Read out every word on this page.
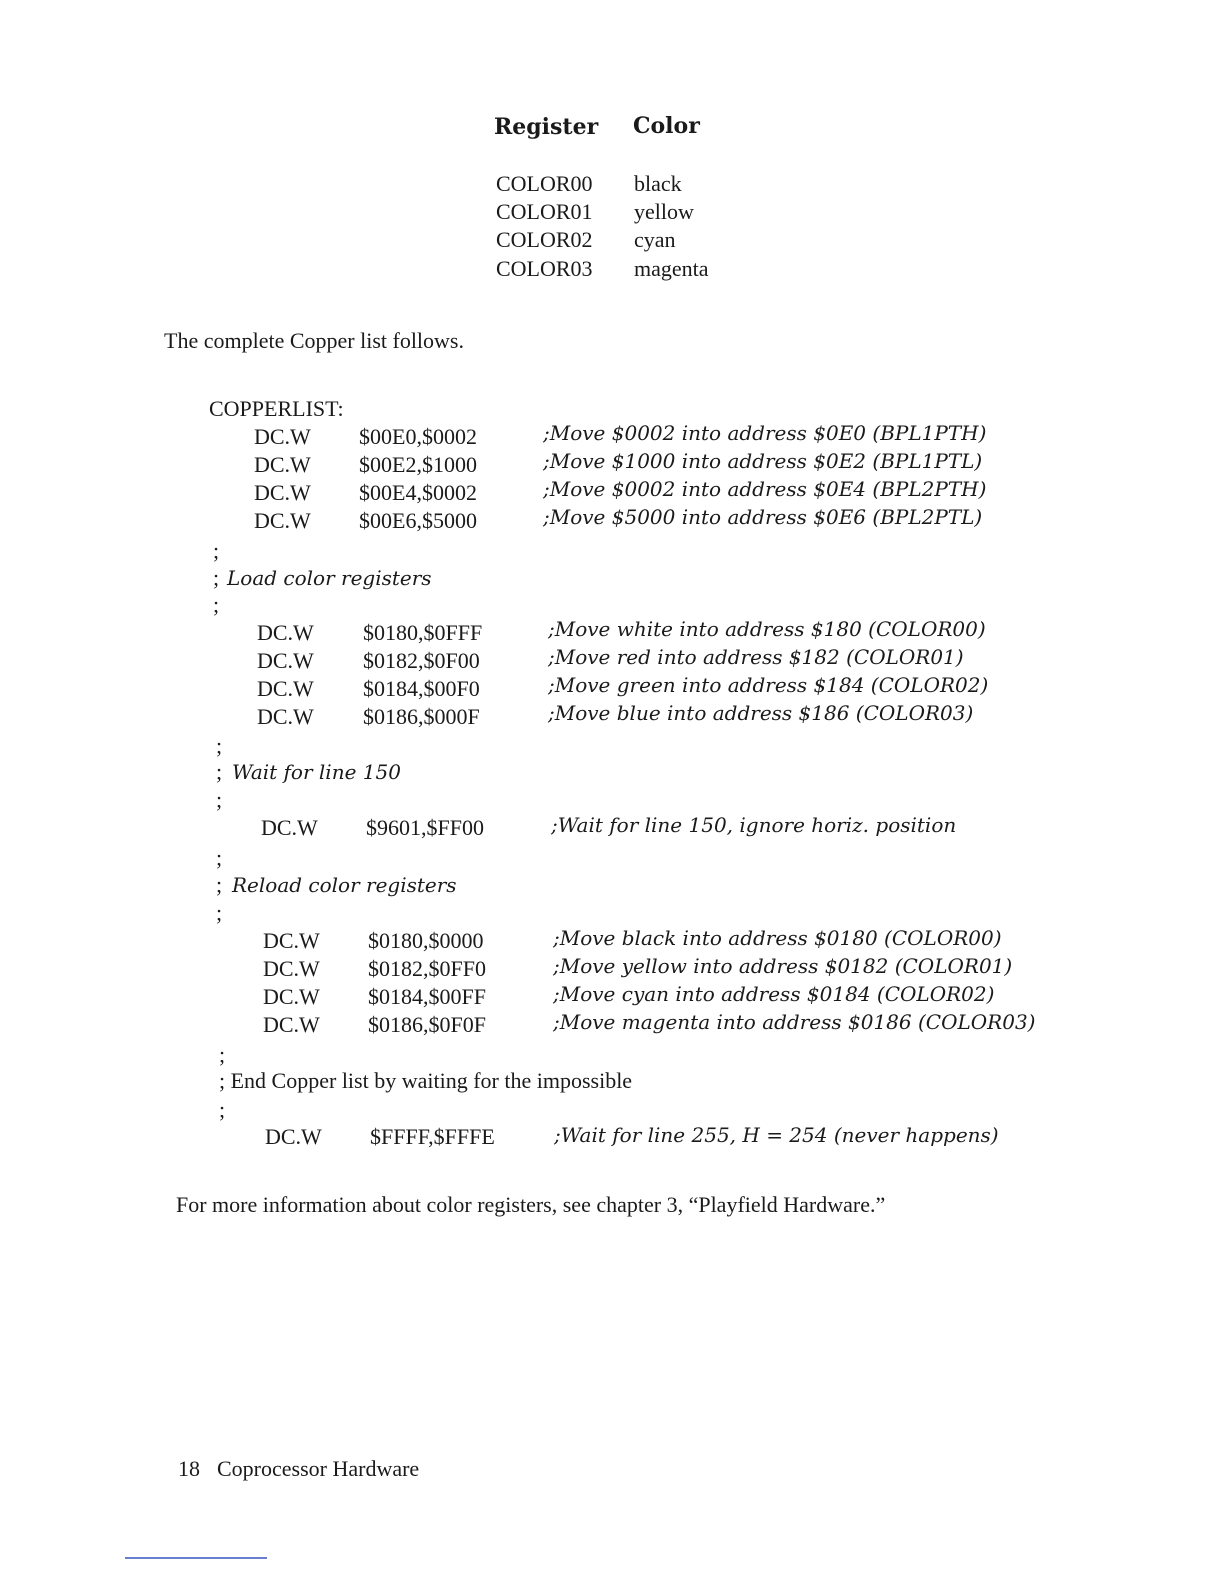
Register Color
COLOR00 black
COLOR01 yellow
COLOR02 cyan
COLOR03 magenta
The complete Copper list follows.
COPPERLIST:
DC.W $00E0,$0002	;Move $0002 into address $0E0 (BPL1PTH)
DC.W $00E2,$1000	;Move $1000 into address $0E2 (BPL1PTL)
DC.W $00E4,$0002	;Move $0002 into address $0E4 (BPL2PTH)
DC.W $00E6,$5000	;Move $5000 into address $0E6 (BPL2PTL)
;
; Load color registers
;
DC.W $0180,$0FFF	;Move white into address $180 (COLOR00)
DC.W $0182,$0F00	;Move red into address $182 (COLOR01)
DC.W $0184,$00F0	;Move green into address $184 (COLOR02)
DC.W $0186,$000F	;Move blue into address $186 (COLOR03)
;
; Wait for line 150
;
DC.W $9601,$FF00	;Wait for line 150, ignore horiz. position
;
; Reload color registers
;
DC.W $0180,$0000	;Move black into address $0180 (COLOR00)
DC.W $0182,$0FF0	;Move yellow into address $0182 (COLOR01)
DC.W $0184,$00FF	;Move cyan into address $0184 (COLOR02)
DC.W $0186,$0F0F	;Move magenta into address $0186 (COLOR03)
;
; End Copper list by waiting for the impossible
;
DC.W $FFFF,$FFFE	;Wait for line 255, H = 254 (never happens)
For more information about color registers, see chapter 3, “Playfield Hardware.”
18 Coprocessor Hardware
